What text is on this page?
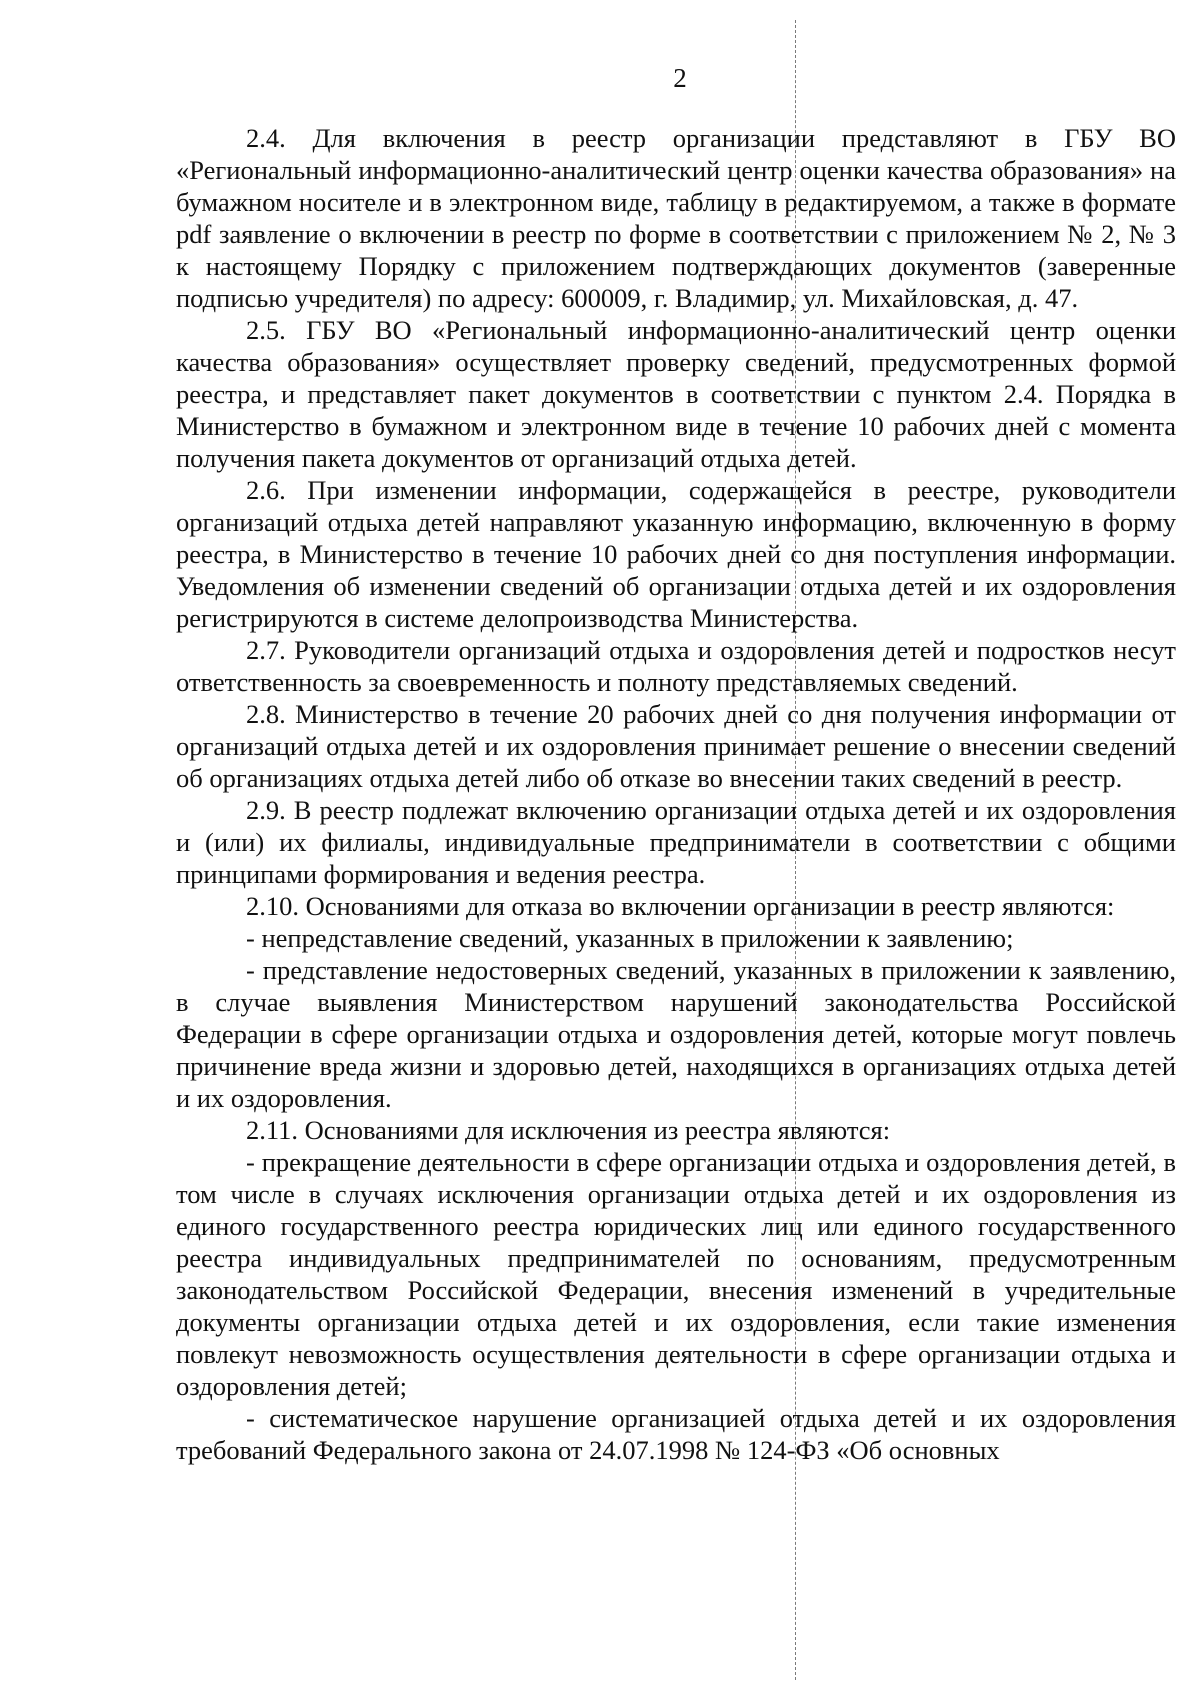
2

2.4. Для включения в реестр организации представляют в ГБУ ВО «Региональный информационно-аналитический центр оценки качества образования» на бумажном носителе и в электронном виде, таблицу в редактируемом, а также в формате pdf заявление о включении в реестр по форме в соответствии с приложением № 2, № 3 к настоящему Порядку с приложением подтверждающих документов (заверенные подписью учредителя) по адресу: 600009, г. Владимир, ул. Михайловская, д. 47.

2.5. ГБУ ВО «Региональный информационно-аналитический центр оценки качества образования» осуществляет проверку сведений, предусмотренных формой реестра, и представляет пакет документов в соответствии с пунктом 2.4. Порядка в Министерство в бумажном и электронном виде в течение 10 рабочих дней с момента получения пакета документов от организаций отдыха детей.

2.6. При изменении информации, содержащейся в реестре, руководители организаций отдыха детей направляют указанную информацию, включенную в форму реестра, в Министерство в течение 10 рабочих дней со дня поступления информации. Уведомления об изменении сведений об организации отдыха детей и их оздоровления регистрируются в системе делопроизводства Министерства.

2.7. Руководители организаций отдыха и оздоровления детей и подростков несут ответственность за своевременность и полноту представляемых сведений.

2.8. Министерство в течение 20 рабочих дней со дня получения информации от организаций отдыха детей и их оздоровления принимает решение о внесении сведений об организациях отдыха детей либо об отказе во внесении таких сведений в реестр.

2.9. В реестр подлежат включению организации отдыха детей и их оздоровления и (или) их филиалы, индивидуальные предприниматели в соответствии с общими принципами формирования и ведения реестра.

2.10. Основаниями для отказа во включении организации в реестр являются:

- непредставление сведений, указанных в приложении к заявлению;

- представление недостоверных сведений, указанных в приложении к заявлению, в случае выявления Министерством нарушений законодательства Российской Федерации в сфере организации отдыха и оздоровления детей, которые могут повлечь причинение вреда жизни и здоровью детей, находящихся в организациях отдыха детей и их оздоровления.

2.11. Основаниями для исключения из реестра являются:

- прекращение деятельности в сфере организации отдыха и оздоровления детей, в том числе в случаях исключения организации отдыха детей и их оздоровления из единого государственного реестра юридических лиц или единого государственного реестра индивидуальных предпринимателей по основаниям, предусмотренным законодательством Российской Федерации, внесения изменений в учредительные документы организации отдыха детей и их оздоровления, если такие изменения повлекут невозможность осуществления деятельности в сфере организации отдыха и оздоровления детей;

- систематическое нарушение организацией отдыха детей и их оздоровления требований Федерального закона от 24.07.1998 № 124-ФЗ «Об основных
